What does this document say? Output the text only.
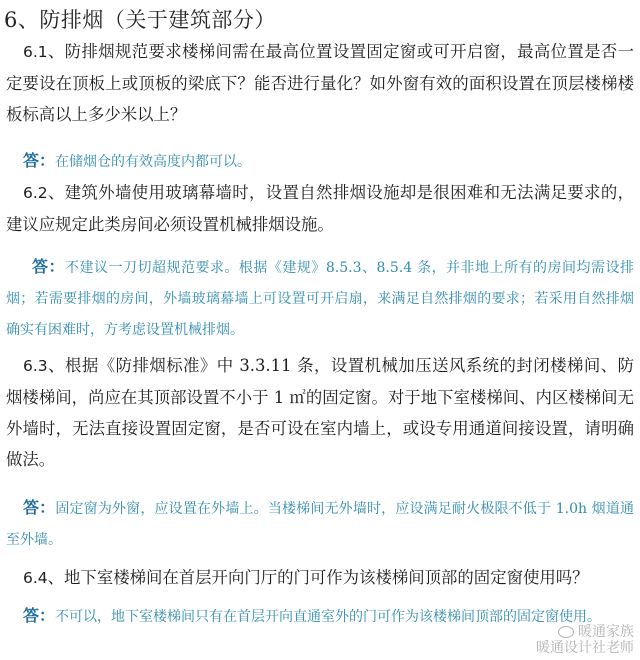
6、防排烟（关于建筑部分）
6.1、防排烟规范要求楼梯间需在最高位置设置固定窗或可开启窗，最高位置是否一定要设在顶板上或顶板的梁底下？能否进行量化？如外窗有效的面积设置在顶层楼梯楼板标高以上多少米以上？
答：在储烟仓的有效高度内都可以。
6.2、建筑外墙使用玻璃幕墙时，设置自然排烟设施却是很困难和无法满足要求的，建议应规定此类房间必须设置机械排烟设施。
答：不建议一刀切超规范要求。根据《建规》8.5.3、8.5.4 条，并非地上所有的房间均需设排烟；若需要排烟的房间，外墙玻璃幕墙上可设置可开启扇，来满足自然排烟的要求；若采用自然排烟确实有困难时，方考虑设置机械排烟。
6.3、根据《防排烟标准》中 3.3.11 条，设置机械加压送风系统的封闭楼梯间、防烟楼梯间，尚应在其顶部设置不小于 1 ㎡的固定窗。对于地下室楼梯间、内区楼梯间无外墙时，无法直接设置固定窗，是否可设在室内墙上，或设专用通道间接设置，请明确做法。
答：固定窗为外窗，应设置在外墙上。当楼梯间无外墙时，应设满足耐火极限不低于 1.0h 烟道通至外墙。
6.4、地下室楼梯间在首层开向门厅的门可作为该楼梯间顶部的固定窗使用吗？
答：不可以，地下室楼梯间只有在首层开向直通室外的门可作为该楼梯间顶部的固定窗使用。
暖通家族
暖通设计社老师
